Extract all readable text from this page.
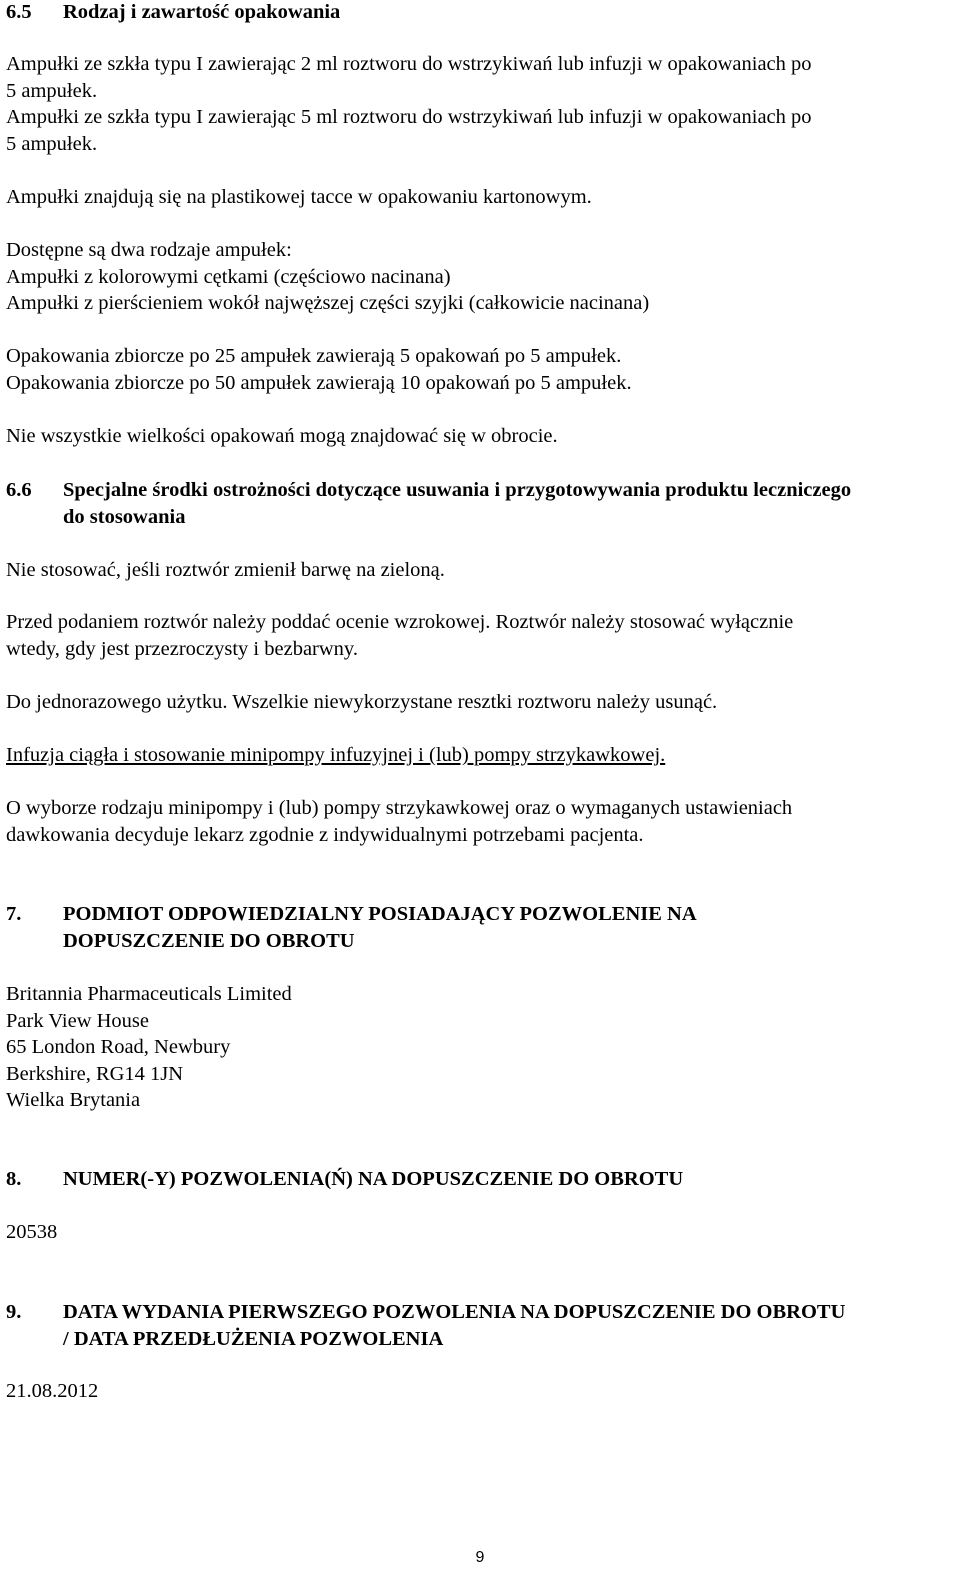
6.5 Rodzaj i zawartość opakowania
Ampułki ze szkła typu I zawierając 2 ml roztworu do wstrzykiwań lub infuzji w opakowaniach po
5 ampułek.
Ampułki ze szkła typu I zawierając 5 ml roztworu do wstrzykiwań lub infuzji w opakowaniach po
5 ampułek.
Ampułki znajdują się na plastikowej tacce w opakowaniu kartonowym.
Dostępne są dwa rodzaje ampułek:
Ampułki z kolorowymi cętkami (częściowo nacinana)
Ampułki z pierścieniem wokół najwęższej części szyjki (całkowicie nacinana)
Opakowania zbiorcze po 25 ampułek zawierają 5 opakowań po 5 ampułek.
Opakowania zbiorcze po 50 ampułek zawierają 10 opakowań po 5 ampułek.
Nie wszystkie wielkości opakowań mogą znajdować się w obrocie.
6.6 Specjalne środki ostrożności dotyczące usuwania i przygotowywania produktu leczniczego
do stosowania
Nie stosować, jeśli roztwór zmienił barwę na zieloną.
Przed podaniem roztwór należy poddać ocenie wzrokowej. Roztwór należy stosować wyłącznie
wtedy, gdy jest przezroczysty i bezbarwny.
Do jednorazowego użytku. Wszelkie niewykorzystane resztki roztworu należy usunąć.
Infuzja ciągła i stosowanie minipompy infuzyjnej i (lub) pompy strzykawkowej.
O wyborze rodzaju minipompy i (lub) pompy strzykawkowej oraz o wymaganych ustawieniach
dawkowania decyduje lekarz zgodnie z indywidualnymi potrzebami pacjenta.
7. PODMIOT ODPOWIEDZIALNY POSIADAJĄCY POZWOLENIE NA
DOPUSZCZENIE DO OBROTU
Britannia Pharmaceuticals Limited
Park View House
65 London Road, Newbury
Berkshire, RG14 1JN
Wielka Brytania
8. NUMER(-Y) POZWOLENIA(Ń) NA DOPUSZCZENIE DO OBROTU
20538
9. DATA WYDANIA PIERWSZEGO POZWOLENIA NA DOPUSZCZENIE DO OBROTU
/ DATA PRZEDŁUŻENIA POZWOLENIA
21.08.2012
9
